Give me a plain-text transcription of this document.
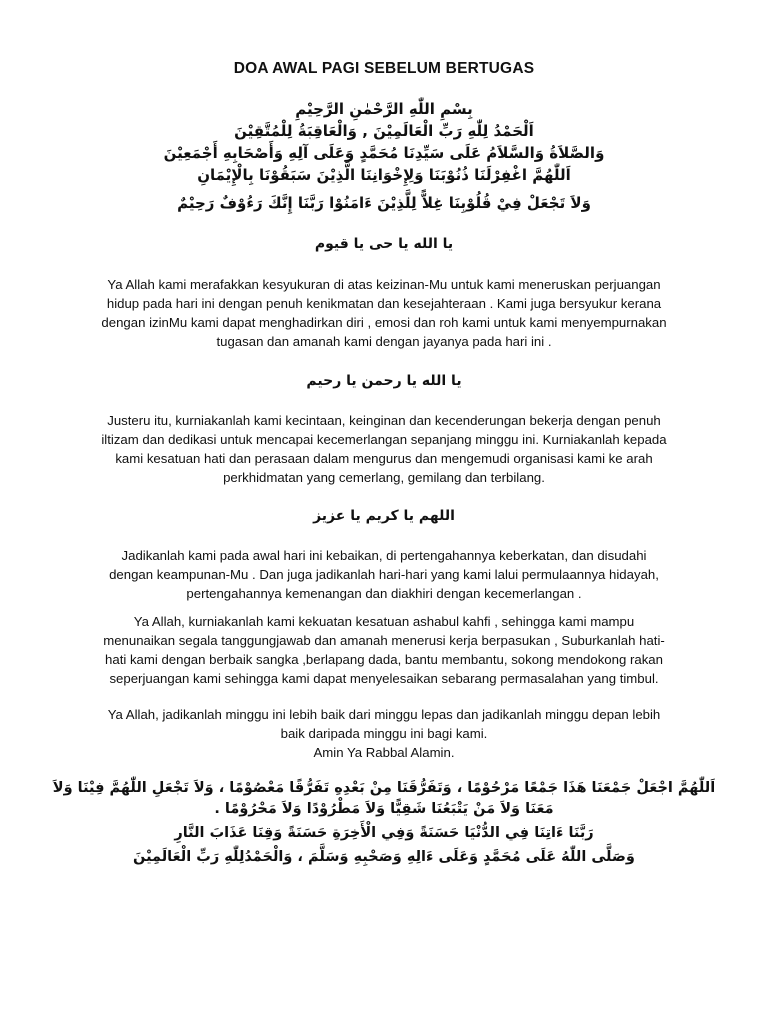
DOA AWAL PAGI SEBELUM BERTUGAS
بِسْمِ اللّٰهِ الرَّحْمٰنِ الرَّحِيْمِ
اَلْحَمْدُ لِلّٰهِ رَبِّ الْعَالَمِيْنَ , وَالْعَاقِبَةُ لِلْمُتَّقِيْنَ
وَالصَّلاَةُ وَالسَّلاَمُ عَلَى سَيِّدِنَا مُحَمَّدٍ وَعَلَى آلِهِ وَأَصْحَابِهِ أَجْمَعِيْنَ
اَللّٰهُمَّ اغْفِرْلَنَا ذُنُوْبَنَا وَلِإِخْوَانِنَا الَّذِيْنَ سَبَقُوْنَا بِالْإِيْمَانِ
وَلاَ تَجْعَلْ فِيْ قُلُوْبِنَا غِلاًّ لِلَّذِيْنَ ءَامَنُوْا رَبَّنَا إِنَّكَ رَءُوْفٌ رَحِيْمٌ
يا الله يا حى يا قيوم

Ya Allah kami merafakkan kesyukuran di atas keizinan-Mu untuk kami meneruskan perjuangan hidup pada hari ini dengan penuh kenikmatan dan kesejahteraan . Kami juga bersyukur kerana dengan izinMu kami dapat menghadirkan diri , emosi dan roh kami untuk kami menyempurnakan tugasan dan amanah kami dengan jayanya pada hari ini .

يا الله يا رحمن يا رحيم

Justeru itu, kurniakanlah kami kecintaan, keinginan dan kecenderungan bekerja dengan penuh iltizam dan dedikasi untuk mencapai kecemerlangan sepanjang minggu ini. Kurniakanlah kepada kami kesatuan hati dan perasaan dalam mengurus dan mengemudi organisasi kami ke arah perkhidmatan yang cemerlang, gemilang dan terbilang.

اللهم يا كريم يا عزيز

Jadikanlah kami pada awal hari ini kebaikan, di pertengahannya keberkatan, dan disudahi dengan keampunan-Mu . Dan juga jadikanlah hari-hari yang kami lalui permulaannya hidayah, pertengahannya kemenangan dan diakhiri dengan kecemerlangan .

Ya Allah, kurniakanlah kami kekuatan kesatuan ashabul kahfi , sehingga kami mampu menunaikan segala tanggungjawab dan amanah menerusi kerja berpasukan , Suburkanlah hati-hati kami dengan berbaik sangka ,berlapang dada, bantu membantu, sokong mendokong rakan seperjuangan kami sehingga kami dapat menyelesaikan sebarang permasalahan yang timbul.

Ya Allah, jadikanlah minggu ini lebih baik dari minggu lepas dan jadikanlah minggu depan lebih baik daripada minggu ini bagi kami.

Amin Ya Rabbal Alamin.

اَللّٰهُمَّ اجْعَلْ جَمْعَنَا هَذَا جَمْعًا مَرْحُوْمًا ، وَتَفَرُّقَنَا مِنْ بَعْدِهِ تَفَرُّقًا مَعْصُوْمًا ، وَلاَ تَجْعَلِ اللّٰهُمَّ فِيْنَا وَلاَ
مَعَنَا وَلاَ مَنْ يَتْبَعُنَا شَقِيًّا وَلاَ مَطْرُوْدًا وَلاَ مَحْرُوْمًا .
رَبَّنَا ءَاتِنَا فِي الدُّنْيَا حَسَنَةً وَفِي الْأَخِرَةِ حَسَنَةً وَقِنَا عَذَابَ النَّارِ
وَصَلَّى اللّٰهُ عَلَى مُحَمَّدٍ وَعَلَى ءَالِهِ وَصَحْبِهِ وَسَلَّمَ ، وَالْحَمْدُلِلّٰهِ رَبِّ الْعَالَمِيْنَ
